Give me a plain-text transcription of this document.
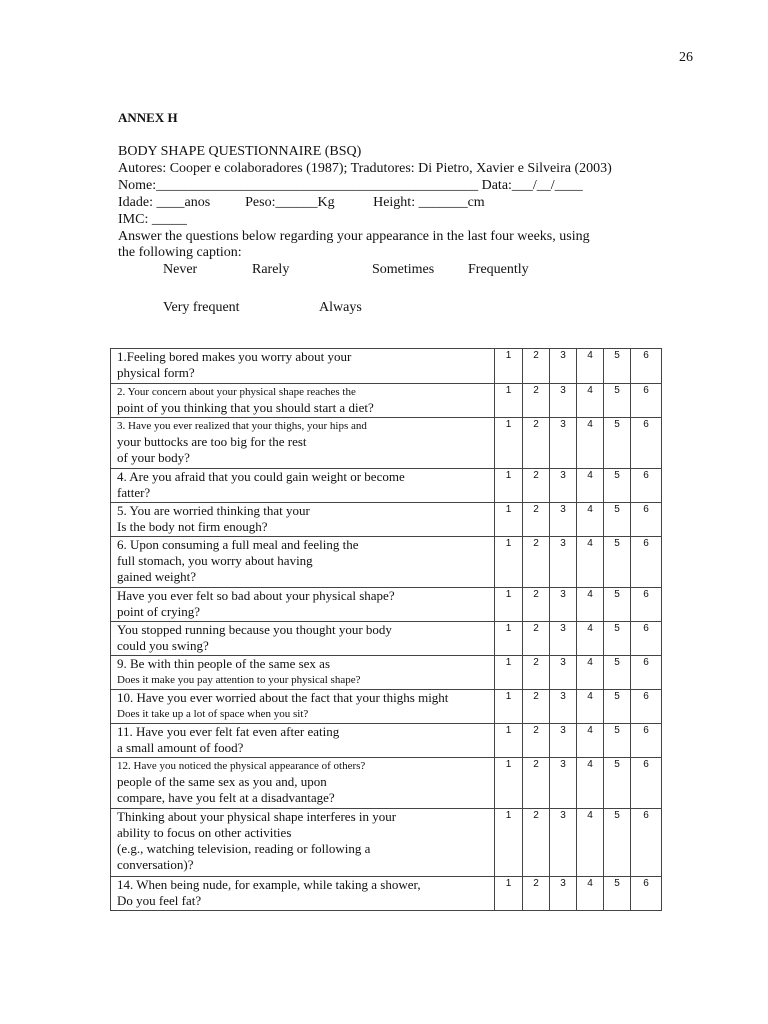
26
ANNEX H
BODY SHAPE QUESTIONNAIRE (BSQ)
Autores: Cooper e colaboradores (1987); Tradutores: Di Pietro, Xavier e Silveira (2003)
Nome:______________________________________________ Data:___/__/____
Idade: ____anos          Peso:______Kg           Height: _______cm
IMC: _____
Answer the questions below regarding your appearance in the last four weeks, using
the following caption:
Never	Rarely	Sometimes Frequently
Very frequent	Always
1.Feeling bored makes you worry about your
physical form?	1	2	3	4	5	6

2. Your concern about your physical shape reaches the
point of you thinking that you should start a diet?	1	2	3	4	5	6

3. Have you ever realized that your thighs, your hips and
your buttocks are too big for the rest
of your body?	1	2	3	4	5	6

4. Are you afraid that you could gain weight or become
fatter?	1	2	3	4	5	6

5. You are worried thinking that your
Is the body not firm enough?	1	2	3	4	5	6

6. Upon consuming a full meal and feeling the
full stomach, you worry about having
gained weight?	1	2	3	4	5	6

Have you ever felt so bad about your physical shape?
point of crying?	1	2	3	4	5	6

You stopped running because you thought your body
could you swing?	1	2	3	4	5	6

9. Be with thin people of the same sex as
Does it make you pay attention to your physical shape?	1	2	3	4	5	6

10. Have you ever worried about the fact that your thighs might
Does it take up a lot of space when you sit?	1	2	3	4	5	6

11. Have you ever felt fat even after eating
a small amount of food?	1	2	3	4	5	6

12. Have you noticed the physical appearance of others?
people of the same sex as you and, upon
compare, have you felt at a disadvantage?	1	2	3	4	5	6

Thinking about your physical shape interferes in your
ability to focus on other activities
(e.g., watching television, reading or following a
conversation)?	1	2	3	4	5	6

14. When being nude, for example, while taking a shower,
Do you feel fat?	1	2	3	4	5	6
